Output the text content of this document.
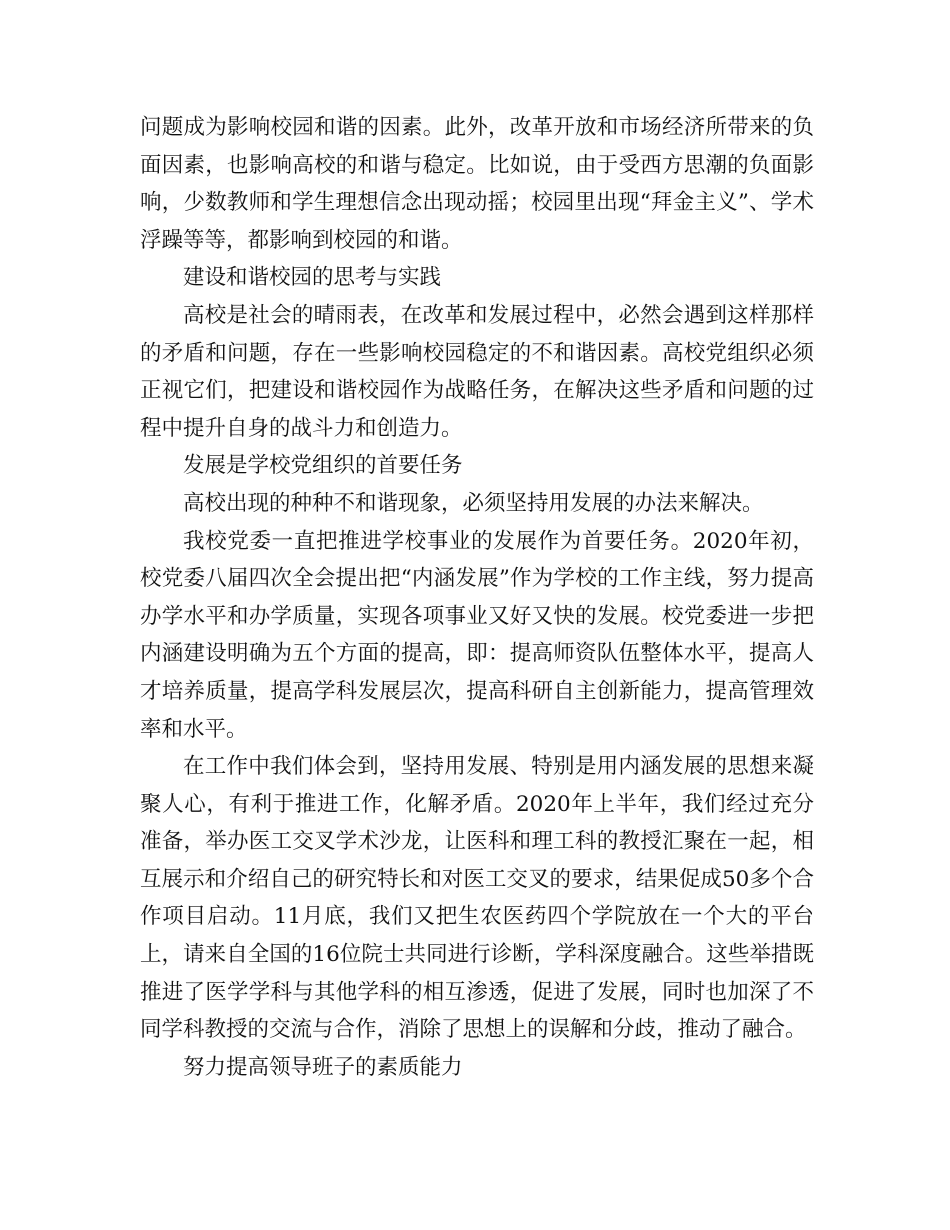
问题成为影响校园和谐的因素。此外，改革开放和市场经济所带来的负面因素，也影响高校的和谐与稳定。比如说，由于受西方思潮的负面影响，少数教师和学生理想信念出现动摇；校园里出现“拜金主义”、学术浮躁等等，都影响到校园的和谐。

建设和谐校园的思考与实践

高校是社会的晴雨表，在改革和发展过程中，必然会遇到这样那样的矛盾和问题，存在一些影响校园稳定的不和谐因素。高校党组织必须正视它们，把建设和谐校园作为战略任务，在解决这些矛盾和问题的过程中提升自身的战斗力和创造力。

发展是学校党组织的首要任务

高校出现的种种不和谐现象，必须坚持用发展的办法来解决。

我校党委一直把推进学校事业的发展作为首要任务。2020年初，校党委八届四次全会提出把“内涵发展”作为学校的工作主线，努力提高办学水平和办学质量，实现各项事业又好又快的发展。校党委进一步把内涵建设明确为五个方面的提高，即：提高师资队伍整体水平，提高人才培养质量，提高学科发展层次，提高科研自主创新能力，提高管理效率和水平。

在工作中我们体会到，坚持用发展、特别是用内涵发展的思想来凝聚人心，有利于推进工作，化解矛盾。2020年上半年，我们经过充分准备，举办医工交叉学术沙龙，让医科和理工科的教授汇聚在一起，相互展示和介绍自己的研究特长和对医工交叉的要求，结果促成50多个合作项目启动。11月底，我们又把生农医药四个学院放在一个大的平台上，请来自全国的16位院士共同进行诊断，学科深度融合。这些举措既推进了医学学科与其他学科的相互渗透，促进了发展，同时也加深了不同学科教授的交流与合作，消除了思想上的误解和分歧，推动了融合。

努力提高领导班子的素质能力
